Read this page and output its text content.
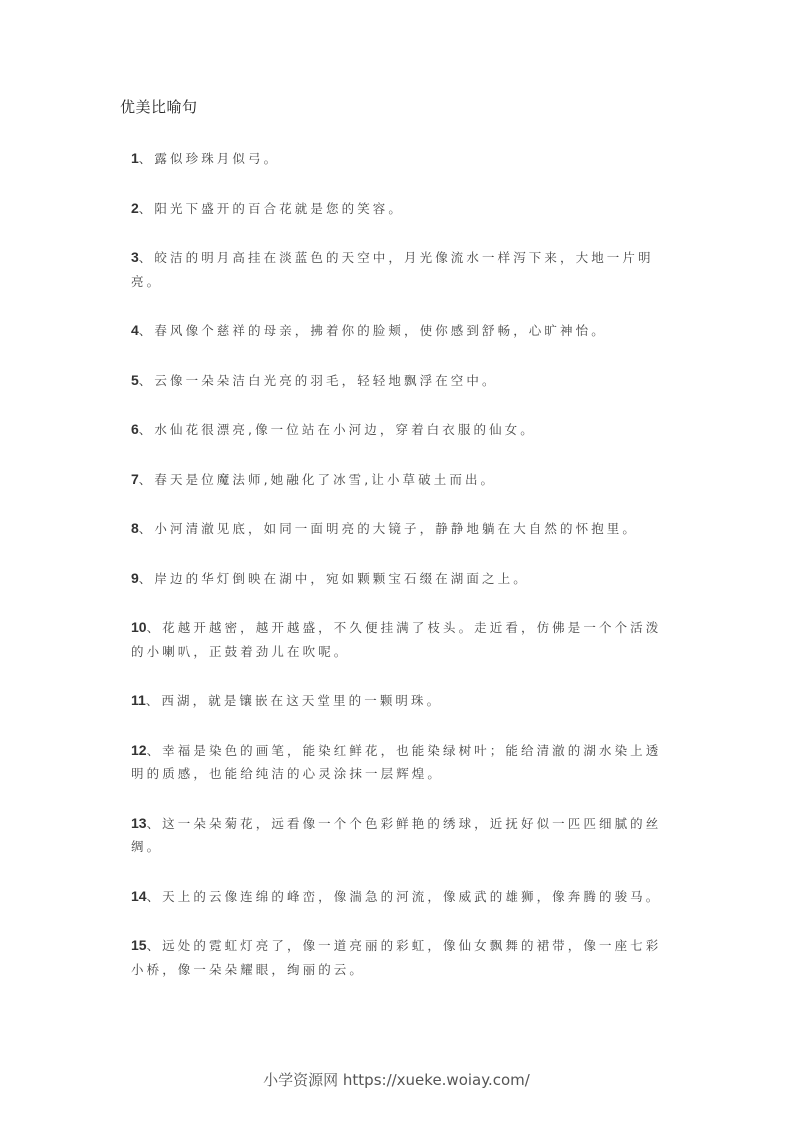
优美比喻句
1、露似珍珠月似弓。
2、阳光下盛开的百合花就是您的笑容。
3、皎洁的明月高挂在淡蓝色的天空中，月光像流水一样泻下来，大地一片明亮。
4、春风像个慈祥的母亲，拂着你的脸颊，使你感到舒畅，心旷神怡。
5、云像一朵朵洁白光亮的羽毛，轻轻地飘浮在空中。
6、水仙花很漂亮,像一位站在小河边，穿着白衣服的仙女。
7、春天是位魔法师,她融化了冰雪,让小草破土而出。
8、小河清澈见底，如同一面明亮的大镜子，静静地躺在大自然的怀抱里。
9、岸边的华灯倒映在湖中，宛如颗颗宝石缀在湖面之上。
10、花越开越密，越开越盛，不久便挂满了枝头。走近看，仿佛是一个个活泼的小喇叭，正鼓着劲儿在吹呢。
11、西湖，就是镶嵌在这天堂里的一颗明珠。
12、幸福是染色的画笔，能染红鲜花，也能染绿树叶；能给清澈的湖水染上透明的质感，也能给纯洁的心灵涂抹一层辉煌。
13、这一朵朵菊花，远看像一个个色彩鲜艳的绣球，近抚好似一匹匹细腻的丝绸。
14、天上的云像连绵的峰峦，像湍急的河流，像威武的雄狮，像奔腾的骏马。
15、远处的霓虹灯亮了，像一道亮丽的彩虹，像仙女飘舞的裙带，像一座七彩小桥，像一朵朵耀眼，绚丽的云。
小学资源网 https://xueke.woiay.com/
